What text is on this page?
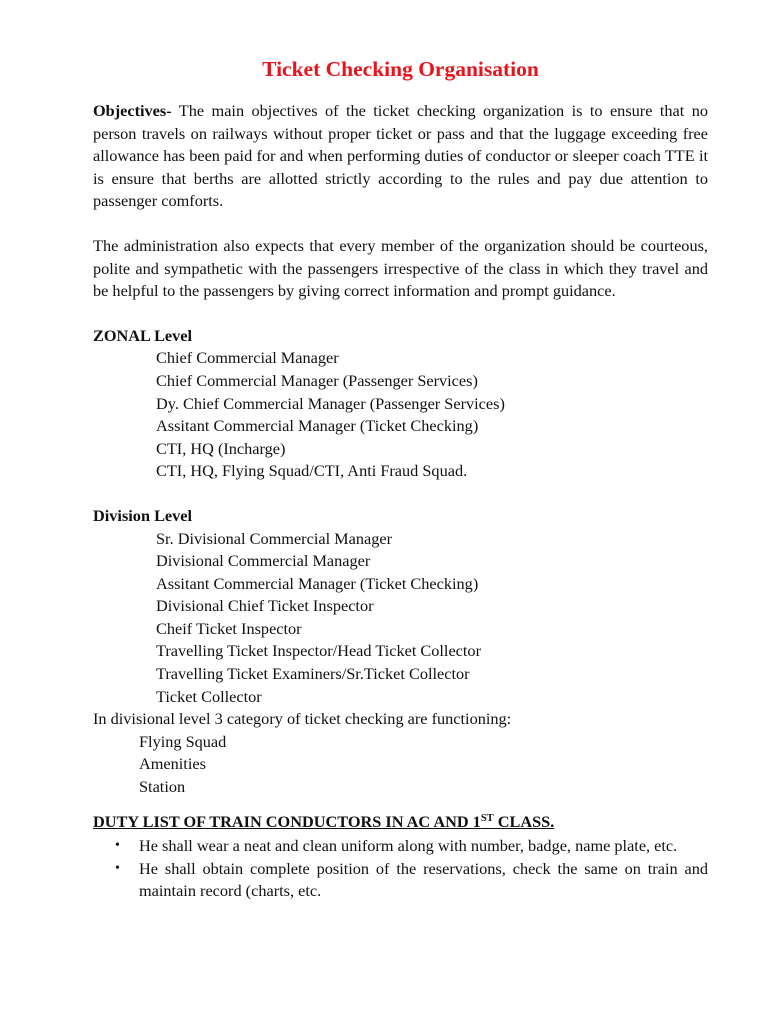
Ticket Checking Organisation

Objectives- The main objectives of the ticket checking organization is to ensure that no person travels on railways without proper ticket or pass and that the luggage exceeding free allowance has been paid for and when performing duties of conductor or sleeper coach TTE it is ensure that berths are allotted strictly according to the rules and pay due attention to passenger comforts.

The administration also expects that every member of the organization should be courteous, polite and sympathetic with the passengers irrespective of the class in which they travel and be helpful to the passengers by giving correct information and prompt guidance.

ZONAL Level

Chief Commercial Manager

Chief Commercial Manager (Passenger Services)

Dy. Chief Commercial Manager (Passenger Services)

Assitant Commercial Manager (Ticket Checking)

CTI, HQ (Incharge)

CTI, HQ, Flying Squad/CTI, Anti Fraud Squad.

Division Level

Sr. Divisional Commercial Manager

Divisional Commercial Manager

Assitant Commercial Manager (Ticket Checking)

Divisional Chief Ticket Inspector

Cheif Ticket Inspector

Travelling Ticket Inspector/Head Ticket Collector

Travelling Ticket Examiners/Sr.Ticket Collector

Ticket Collector

In divisional level 3 category of ticket checking are functioning:

Flying Squad

Amenities

Station

DUTY LIST OF TRAIN CONDUCTORS IN AC AND 1ST CLASS.

• He shall wear a neat and clean uniform along with number, badge, name plate, etc.
• He shall obtain complete position of the reservations, check the same on train and maintain record (charts, etc.
